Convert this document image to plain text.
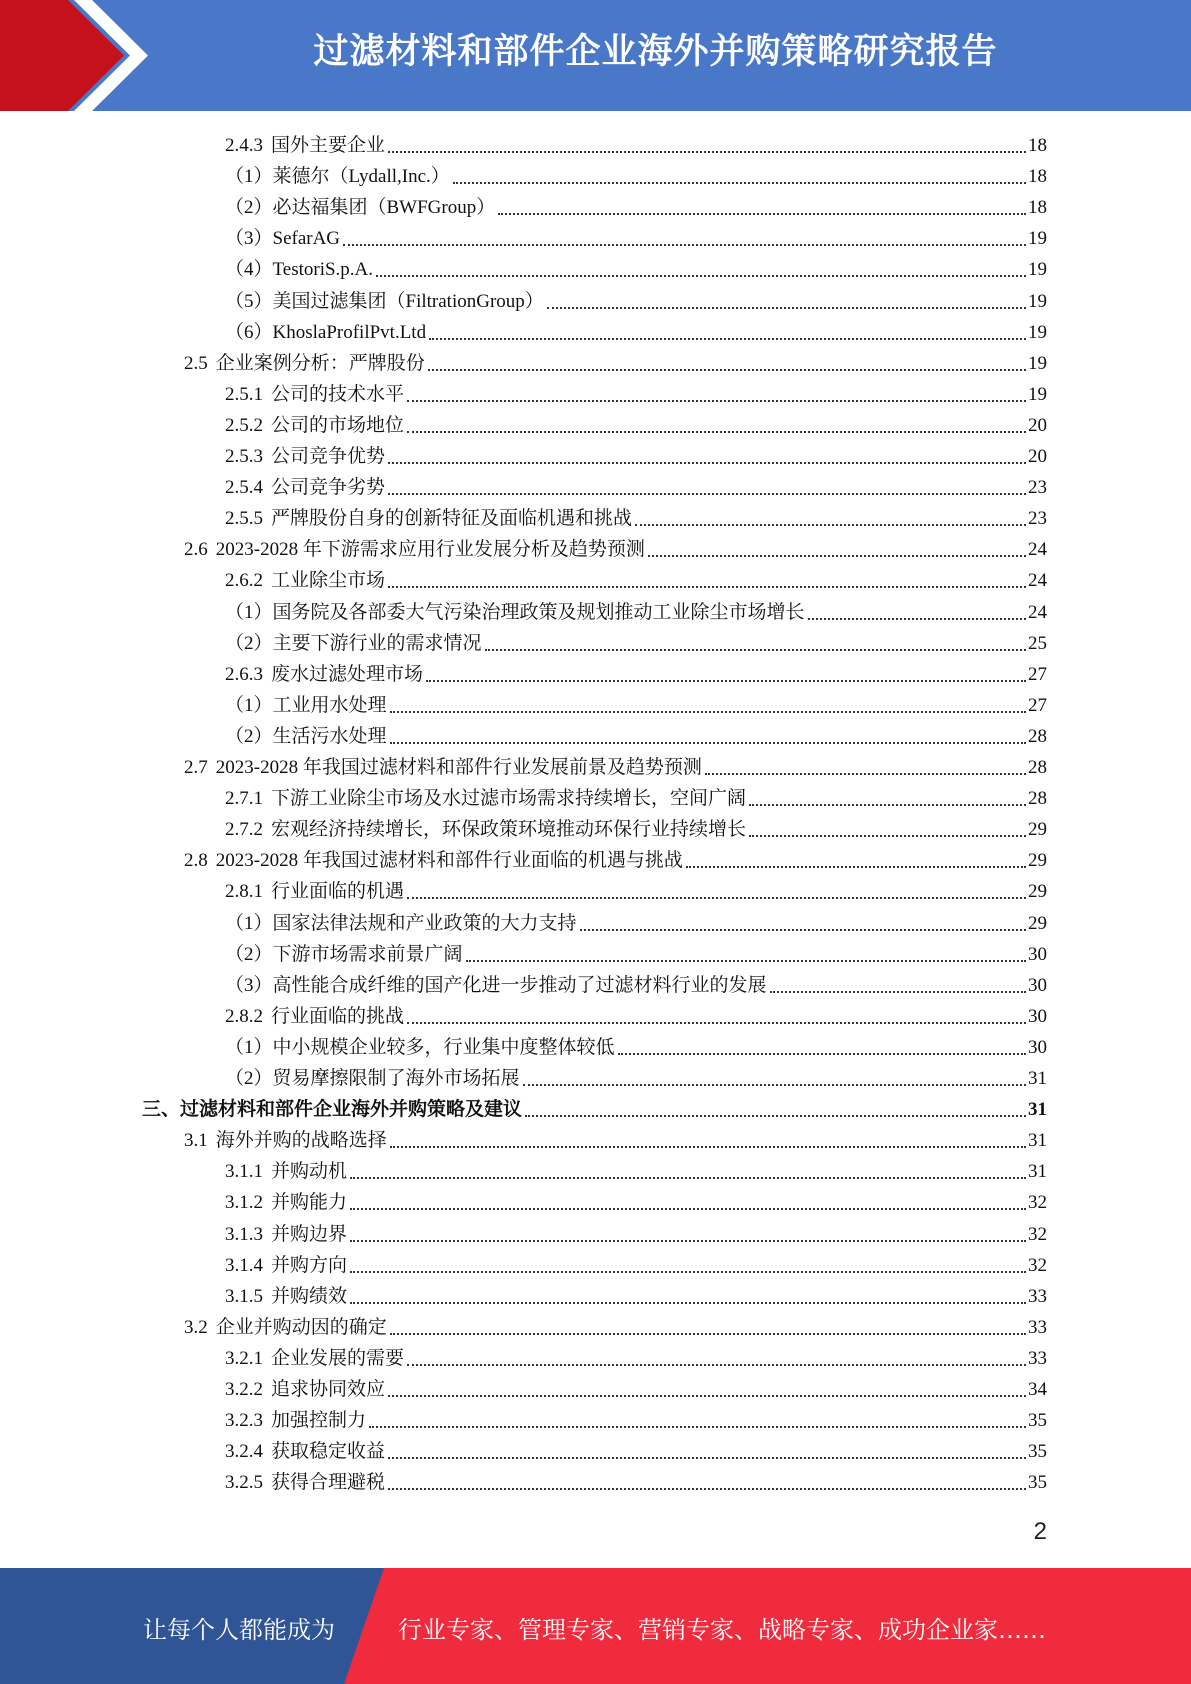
过滤材料和部件企业海外并购策略研究报告
2.4.3 国外主要企业	18
（1）莱德尔（Lydall,Inc.）	18
（2）必达福集团（BWFGroup）	18
（3）SefarAG	19
（4）TestoriS.p.A.	19
（5）美国过滤集团（FiltrationGroup）	19
（6）KhoslaProfilPvt.Ltd	19
2.5 企业案例分析：严牌股份	19
2.5.1 公司的技术水平	19
2.5.2 公司的市场地位	20
2.5.3 公司竞争优势	20
2.5.4 公司竞争劣势	23
2.5.5 严牌股份自身的创新特征及面临机遇和挑战	23
2.6 2023-2028 年下游需求应用行业发展分析及趋势预测	24
2.6.2 工业除尘市场	24
（1）国务院及各部委大气污染治理政策及规划推动工业除尘市场增长	24
（2）主要下游行业的需求情况	25
2.6.3 废水过滤处理市场	27
（1）工业用水处理	27
（2）生活污水处理	28
2.7 2023-2028 年我国过滤材料和部件行业发展前景及趋势预测	28
2.7.1 下游工业除尘市场及水过滤市场需求持续增长，空间广阔	28
2.7.2 宏观经济持续增长，环保政策环境推动环保行业持续增长	29
2.8 2023-2028 年我国过滤材料和部件行业面临的机遇与挑战	29
2.8.1 行业面临的机遇	29
（1）国家法律法规和产业政策的大力支持	29
（2）下游市场需求前景广阔	30
（3）高性能合成纤维的国产化进一步推动了过滤材料行业的发展	30
2.8.2 行业面临的挑战	30
（1）中小规模企业较多，行业集中度整体较低	30
（2）贸易摩擦限制了海外市场拓展	31
三、过滤材料和部件企业海外并购策略及建议	31
3.1 海外并购的战略选择	31
3.1.1 并购动机	31
3.1.2 并购能力	32
3.1.3 并购边界	32
3.1.4 并购方向	32
3.1.5 并购绩效	33
3.2 企业并购动因的确定	33
3.2.1 企业发展的需要	33
3.2.2 追求协同效应	34
3.2.3 加强控制力	35
3.2.4 获取稳定收益	35
3.2.5 获得合理避税	35
2
让每个人都能成为	行业专家、管理专家、营销专家、战略专家、成功企业家……
